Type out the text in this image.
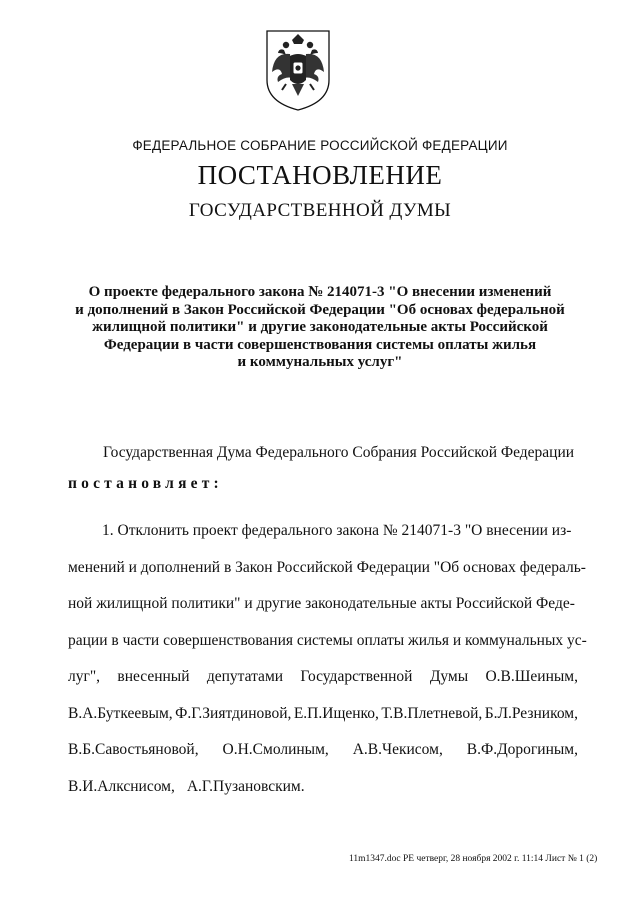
ФЕДЕРАЛЬНОЕ СОБРАНИЕ РОССИЙСКОЙ ФЕДЕРАЦИИ
ПОСТАНОВЛЕНИЕ
ГОСУДАРСТВЕННОЙ ДУМЫ
О проекте федерального закона № 214071-3 "О внесении изменений
и дополнений в Закон Российской Федерации "Об основах федеральной
жилищной политики" и другие законодательные акты Российской
Федерации в части совершенствования системы оплаты жилья
и коммунальных услуг"
Государственная Дума Федерального Собрания Российской Федерации
постановляет:
1. Отклонить проект федерального закона № 214071-3 "О внесении из-
менений и дополнений в Закон Российской Федерации "Об основах федераль-
ной жилищной политики" и другие законодательные акты Российской Феде-
рации в части совершенствования системы оплаты жилья и коммунальных ус-
луг", внесенный депутатами Государственной Думы О.В.Шеиным,
В.А.Буткеевым, Ф.Г.Зиятдиновой, Е.П.Ищенко, Т.В.Плетневой, Б.Л.Резником,
В.Б.Савостьяновой, О.Н.Смолиным, А.В.Чекисом, В.Ф.Дорогиным,
В.И.Алкснисом, А.Г.Пузановским.
11m1347.doc РЕ четверг, 28 ноября 2002 г. 11:14 Лист № 1 (2)
